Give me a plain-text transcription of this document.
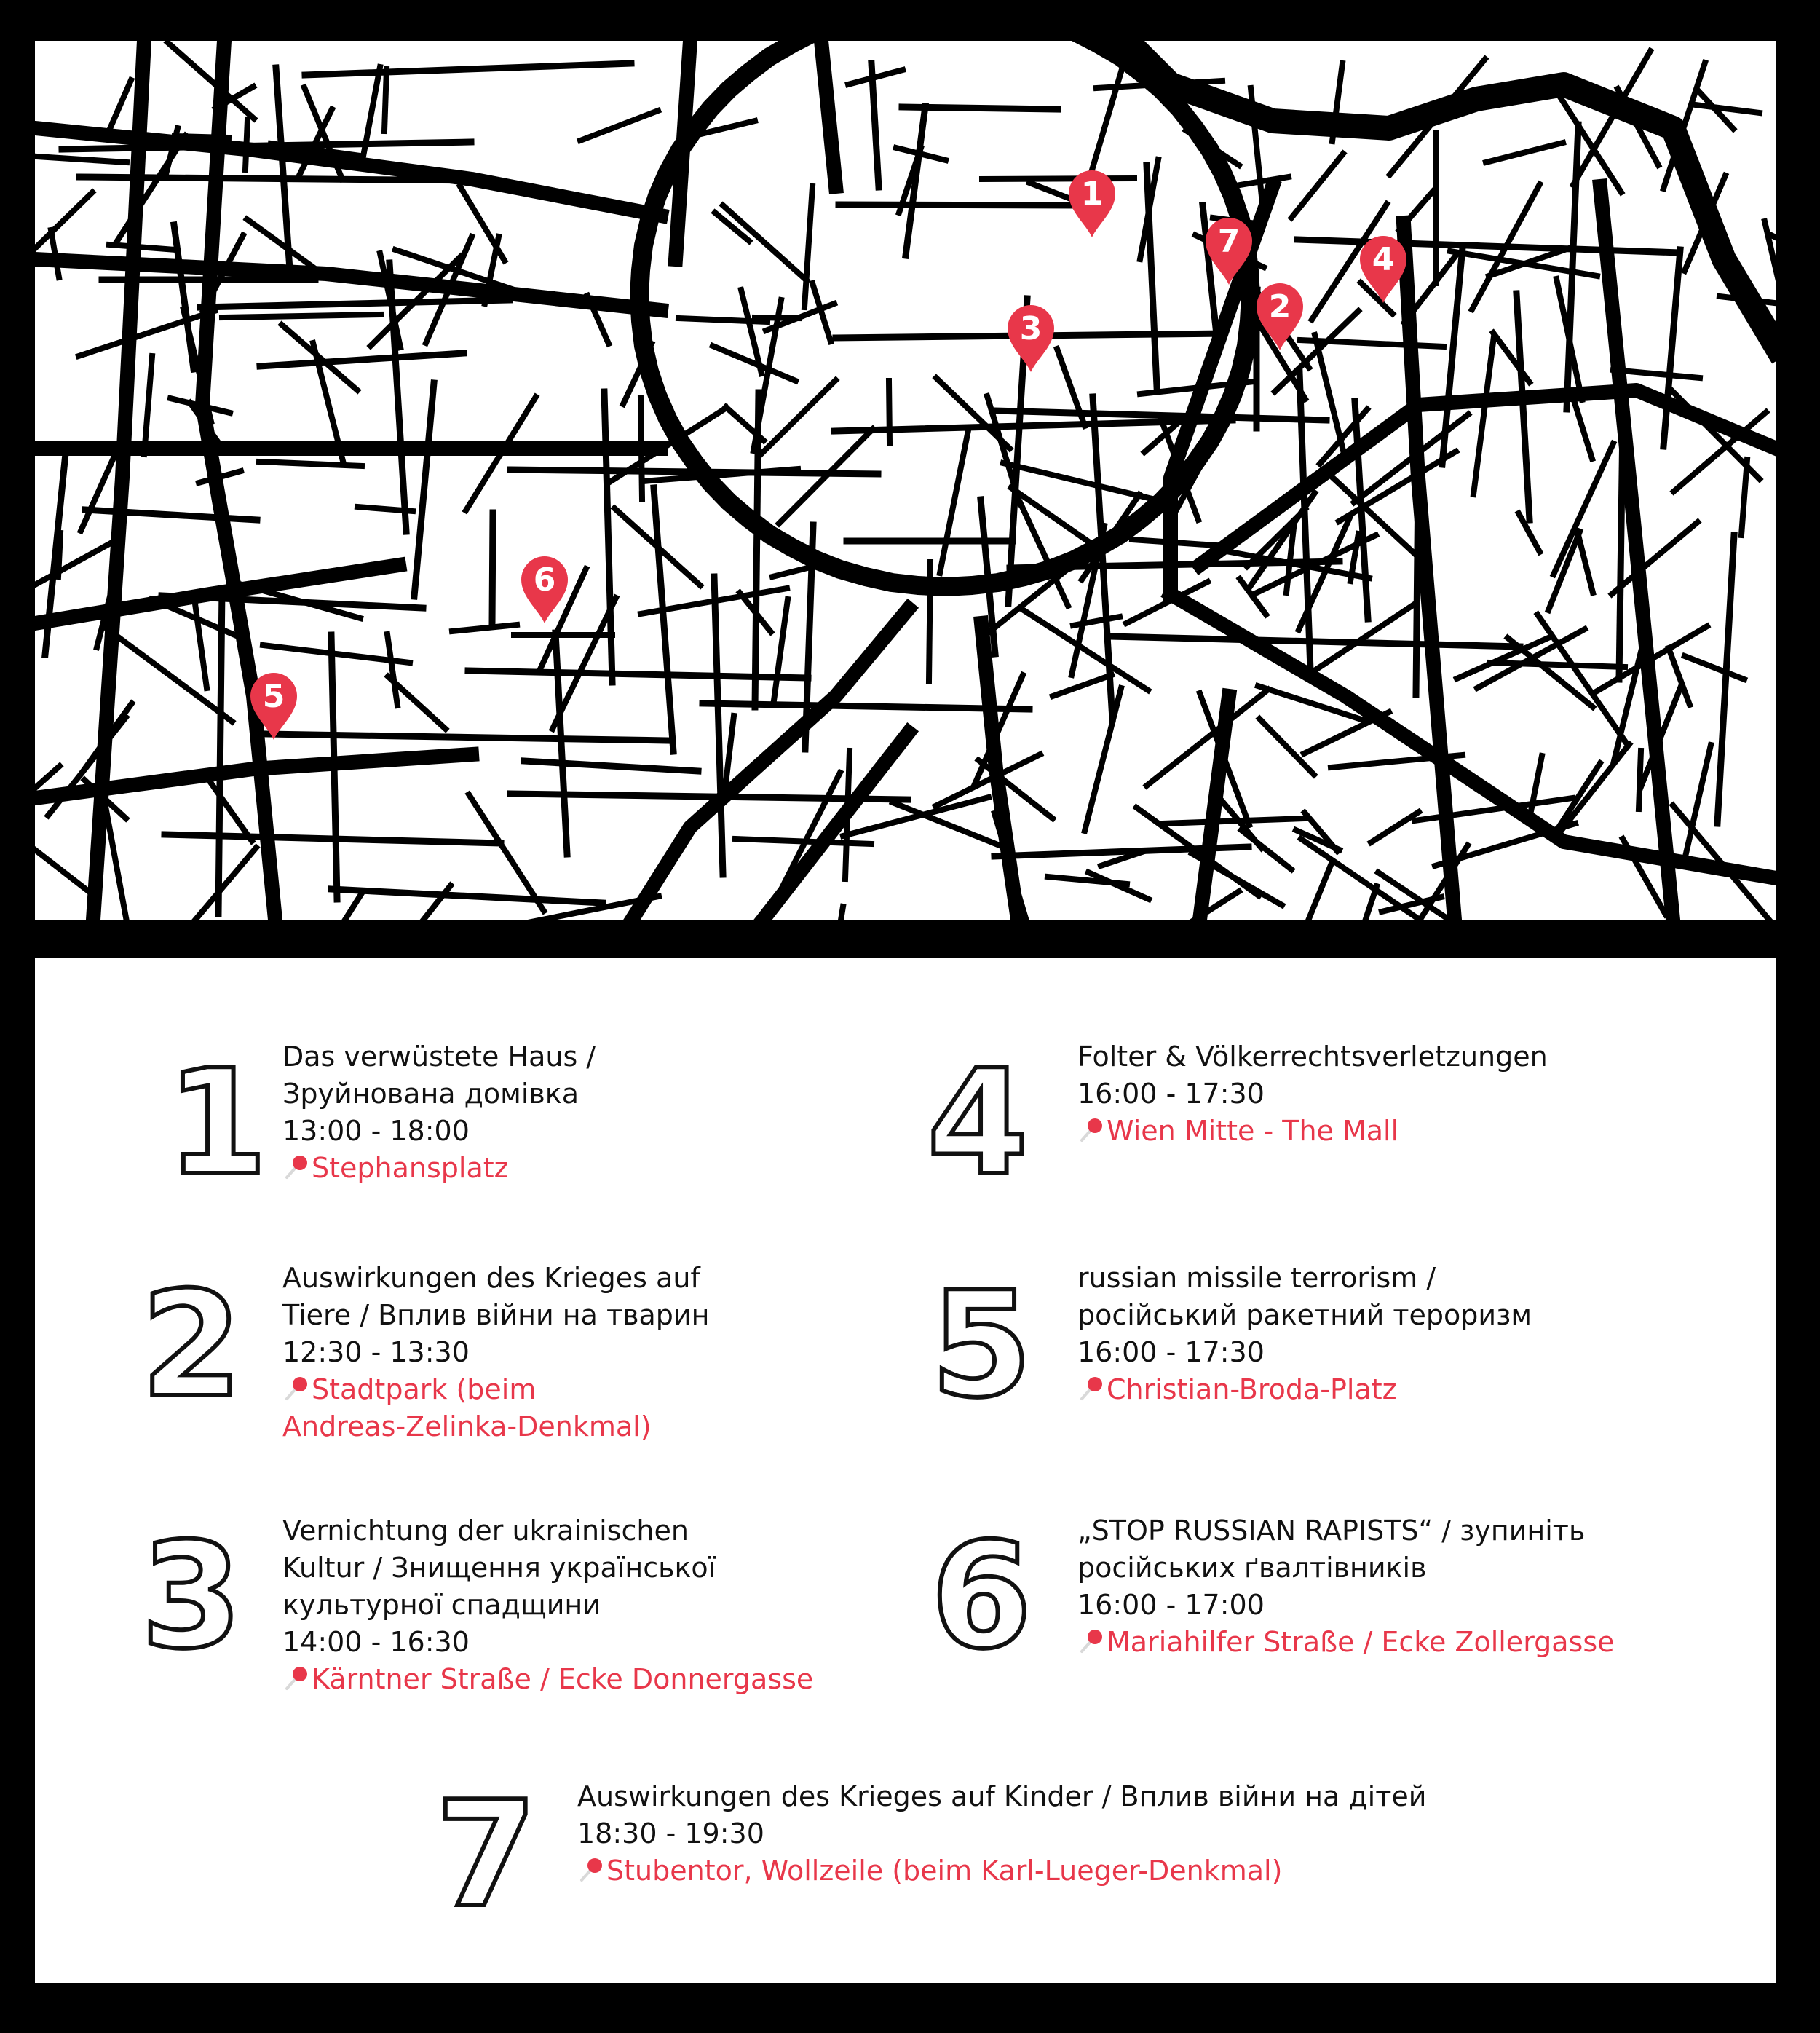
1
2
3
4
5
6
7
1 Das verwüstete Haus /
Зруйнована домівка
13:00 - 18:00
Stephansplatz
2 Auswirkungen des Krieges auf
Tiere / Вплив війни на тварин
12:30 - 13:30
Stadtpark (beim
Andreas-Zelinka-Denkmal)
3 Vernichtung der ukrainischen
Kultur / Знищення української
культурної спадщини
14:00 - 16:30
Kärntner Straße / Ecke Donnergasse
4 Folter & Völkerrechtsverletzungen
16:00 - 17:30
Wien Mitte - The Mall
5 russian missile terrorism /
російський ракетний тероризм
16:00 - 17:30
Christian-Broda-Platz
6 „STOP RUSSIAN RAPISTS“ / зупиніть
російських ґвалтівників
16:00 - 17:00
Mariahilfer Straße / Ecke Zollergasse
7 Auswirkungen des Krieges auf Kinder / Вплив війни на дітей
18:30 - 19:30
Stubentor, Wollzeile (beim Karl-Lueger-Denkmal)
